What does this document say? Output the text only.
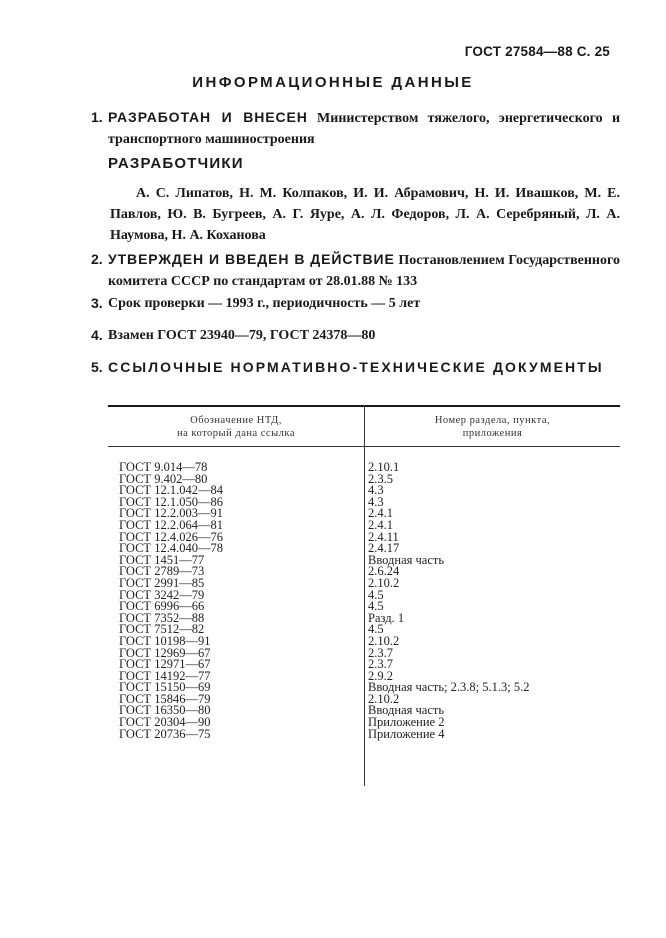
ГОСТ 27584—88 С. 25
ИНФОРМАЦИОННЫЕ ДАННЫЕ
1. РАЗРАБОТАН И ВНЕСЕН Министерством тяжелого, энергетического и транспортного машиностроения
РАЗРАБОТЧИКИ
А. С. Липатов, Н. М. Колпаков, И. И. Абрамович, Н. И. Ивашков, М. Е. Павлов, Ю. В. Бугреев, А. Г. Яуре, А. Л. Федоров, Л. А. Серебряный, Л. А. Наумова, Н. А. Коханова
2. УТВЕРЖДЕН И ВВЕДЕН В ДЕЙСТВИЕ Постановлением Государственного комитета СССР по стандартам от 28.01.88 № 133
3. Срок проверки — 1993 г., периодичность — 5 лет
4. Взамен ГОСТ 23940—79, ГОСТ 24378—80
5. ССЫЛОЧНЫЕ НОРМАТИВНО-ТЕХНИЧЕСКИЕ ДОКУМЕНТЫ
Обозначение НТД,
на который дана ссылка
Номер раздела, пункта,
приложения
ГОСТ 9.014—78	2.10.1
ГОСТ 9.402—80	2.3.5
ГОСТ 12.1.042—84	4.3
ГОСТ 12.1.050—86	4.3
ГОСТ 12.2.003—91	2.4.1
ГОСТ 12.2.064—81	2.4.1
ГОСТ 12.4.026—76	2.4.11
ГОСТ 12.4.040—78	2.4.17
ГОСТ 1451—77	Вводная часть
ГОСТ 2789—73	2.6.24
ГОСТ 2991—85	2.10.2
ГОСТ 3242—79	4.5
ГОСТ 6996—66	4.5
ГОСТ 7352—88	Разд. 1
ГОСТ 7512—82	4.5
ГОСТ 10198—91	2.10.2
ГОСТ 12969—67	2.3.7
ГОСТ 12971—67	2.3.7
ГОСТ 14192—77	2.9.2
ГОСТ 15150—69	Вводная часть; 2.3.8; 5.1.3; 5.2
ГОСТ 15846—79	2.10.2
ГОСТ 16350—80	Вводная часть
ГОСТ 20304—90	Приложение 2
ГОСТ 20736—75	Приложение 4
